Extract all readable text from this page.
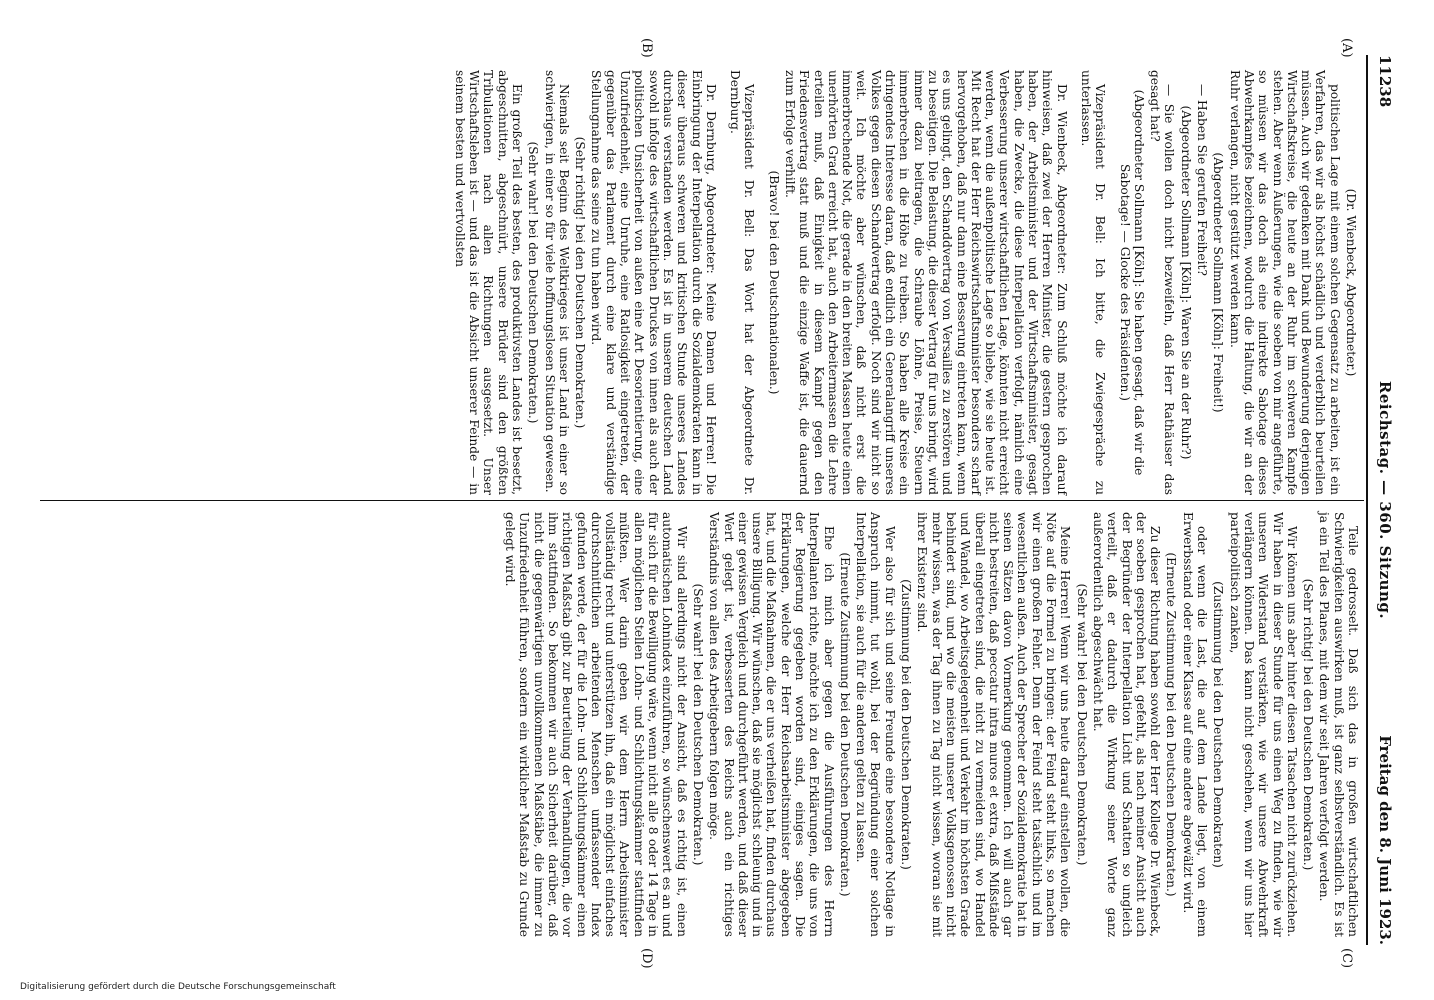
11238
Reichstag. — 360. Sitzung.
Freitag den 8. Juni 1923.
(A)
(B)
(C)
(D)

(Dr. Wienbeck, Abgeordneter.)

politischen Lage mit einem solchen Gegensatz zu arbeiten, ist ein Verfahren, das wir als höchst schädlich und verderblich beurteilen müssen. Auch wir gedenken mit Dank und Bewunderung derjenigen Wirtschaftskreise, die heute an der Ruhr im schweren Kampfe stehen. Aber wenn Äußerungen, wie die soeben von mir angeführte, so müssen wir das doch als eine indirekte Sabotage dieses Abwehrkampfes bezeichnen, wodurch die Haltung, die wir an der Ruhr verlangen, nicht gestützt werden kann.

(Abgeordneter Sollmann [Köln]: Freiheit!)

— Haben Sie gerufen Freiheit?

(Abgeordneter Sollmann [Köln]: Waren Sie an der Ruhr?)

— Sie wollen doch nicht bezweifeln, daß Herr Rathäuser das gesagt hat?

(Abgeordneter Sollmann [Köln]: Sie haben gesagt, daß wir die Sabotage! — Glocke des Präsidenten.)

Vizepräsident Dr. Bell: Ich bitte, die Zwiegespräche zu unterlassen.

Dr. Wienbeck, Abgeordneter: Zum Schluß möchte ich darauf hinweisen, daß zwei der Herren Minister, die gestern gesprochen haben, der Arbeitsminister und der Wirtschaftsminister, gesagt haben, die Zwecke, die diese Interpellation verfolgt, nämlich eine Verbesserung unserer wirtschaftlichen Lage, könnten nicht erreicht werden, wenn die außenpolitische Lage so bliebe, wie sie heute ist. Mit Recht hat der Herr Reichswirtschaftsminister besonders scharf hervorgehoben, daß nur dann eine Besserung eintreten kann, wenn es uns gelingt, den Schanddvertrag von Versailles zu zerstören und zu beseitigen. Die Belastung, die dieser Vertrag für uns bringt, wird immer dazu beitragen, die Schraube Löhne, Preise, Steuern immerbrechen in die Höhe zu treiben. So haben alle Kreise ein dringendes Interesse daran, daß endlich ein Generalangriff unseres Volkes gegen diesen Schandvertrag erfolgt. Noch sind wir nicht so weit. Ich möchte aber wünschen, daß nicht erst die immerbrechende Not, die gerade in den breiten Massen heute einen unerhörten Grad erreicht hat, auch den Arbeitermassen die Lehre erteilen muß, daß Einigkeit in diesem Kampf gegen den Friedensvertrag statt muß und die einzige Waffe ist, die dauernd zum Erfolge verhilft.

(Bravo! bei den Deutschnationalen.)

Vizepräsident Dr. Bell: Das Wort hat der Abgeordnete Dr. Dernburg.

Dr. Dernburg, Abgeordneter: Meine Damen und Herren! Die Einbringung der Interpellation durch die Sozialdemokraten kann in dieser überaus schweren und kritischen Stunde unseres Landes durchaus verstanden werden. Es ist in unserem deutschen Land sowohl infolge des wirtschaftlichen Druckes von innen als auch der politischen Unsicherheit von außen eine Art Desorientierung, eine Unzufriedenheit, eine Unruhe, eine Ratlosigkeit eingetreten, der gegenüber das Parlament durch eine klare und verständige Stellungnahme das seine zu tun haben wird.

(Sehr richtig! bei den Deutschen Demokraten.)

Niemals seit Beginn des Weltkrieges ist unser Land in einer so schwierigen, in einer so für viele hoffnungslosen Situation gewesen.

(Sehr wahr! bei den Deutschen Demokraten.)

Ein großer Teil des besten, des produktivsten Landes ist besetzt, abgeschnitten, abgeschnürt, unsere Brüder sind den größten Tribulationen nach allen Richtungen ausgesetzt. Unser Wirtschaftsleben ist — und das ist die Absicht unserer Feinde — in seinem besten und wertvollsten

Teile gedrosselt. Daß sich das in großen wirtschaftlichen Schwierigkeiten auswirken muß, ist ganz selbstverständlich. Es ist ja ein Teil des Planes, mit dem wir seit Jahren verfolgt werden.

(Sehr richtig! bei den Deutschen Demokraten.)

Wir können uns aber hinter diesen Tatsachen nicht zurückziehen. Wir haben in dieser Stunde für uns einen Weg zu finden, wie wir unseren Widerstand verstärken, wie wir unsere Abwehrkraft verlängern können. Das kann nicht geschehen, wenn wir uns hier parteipolitisch zanken,

(Zustimmung bei den Deutschen Demokraten)

oder wenn die Last, die auf dem Lande liegt, von einem Erwerbsstand oder einer Klasse auf eine andere abgewälzt wird.

(Erneute Zustimmung bei den Deutschen Demokraten.)

Zu dieser Richtung haben sowohl der Herr Kollege Dr. Wienbeck, der soeben gesprochen hat, gefehlt, als nach meiner Ansicht auch der Begründer der Interpellation Licht und Schatten so ungleich verteilt, daß er dadurch die Wirkung seiner Worte ganz außerordentlich abgeschwächt hat.

(Sehr wahr! bei den Deutschen Demokraten.)

Meine Herren! Wenn wir uns heute darauf einstellen wollen, die Nöte auf die Formel zu bringen: der Feind steht links, so machen wir einen großen Fehler. Denn der Feind steht tatsächlich und im wesentlichen außen. Auch der Sprecher der Sozialdemokratie hat in seinen Sätzen davon Vormerkung genommen. Ich will auch gar nicht bestreiten, daß peccatur intra muros et extra, daß Mißstände überall eingetreten sind, die nicht zu vermeiden sind, wo Handel und Wandel, wo Arbeitsgelegenheit und Verkehr im höchsten Grade behindert sind, und wo die meisten unserer Volksgenossen nicht mehr wissen, was der Tag ihnen zu Tag nicht wissen, woran sie mit ihrer Existenz sind.

(Zustimmung bei den Deutschen Demokraten.)

Wer also für sich und seine Freunde eine besondere Notlage in Anspruch nimmt, tut wohl, bei der Begründung einer solchen Interpellation, sie auch für die anderen gelten zu lassen.

(Erneute Zustimmung bei den Deutschen Demokraten.)

Ehe ich mich aber gegen die Ausführungen des Herrn Interpellanten richte, möchte ich zu den Erklärungen, die uns von der Regierung gegeben worden sind, einiges sagen. Die Erklärungen, welche der Herr Reichsarbeitsminister abgegeben hat, und die Maßnahmen, die er uns verheißen hat, finden durchaus unsere Billigung. Wir wünschen, daß sie möglichst schleunig und in einer gewissen Vergleich und durchgeführt werden, und daß dieser Wert gelegt ist, verbesserten des Reichs auch ein richtiges Verständnis von allen des Arbeitgebern folgen möge.

(Sehr wahr! bei den Deutschen Demokraten.)

Wir sind allerdings nicht der Ansicht, daß es richtig ist, einen automatischen Lohnindex einzuführen, so wünschenswert es an und für sich für die Bewilligung wäre, wenn nicht alle 8 oder 14 Tage in allen möglichen Stellen Lohn- und Schlichtungskämmer stattfinden müßten. Wer darin geben wir dem Herrn Arbeitsminister vollständig recht und unterstützen ihn, daß ein möglichst einfaches durchschnittlichen arbeitenden Menschen umfassender Index gefunden werde, der für die Lohn- und Schlichtungskämmer einen richtigen Maßstab gibt zur Beurteilung der Verhandlungen, die vor ihm stattfinden. So bekommen wir auch Sicherheit darüber, daß nicht die gegenwärtigen unvollkommenen Maßstäbe, die immer zu Unzufriedenheit führen, sondern ein wirklicher Maßstab zu Grunde gelegt wird.

Digitalisierung gefördert durch die Deutsche Forschungsgemeinschaft
